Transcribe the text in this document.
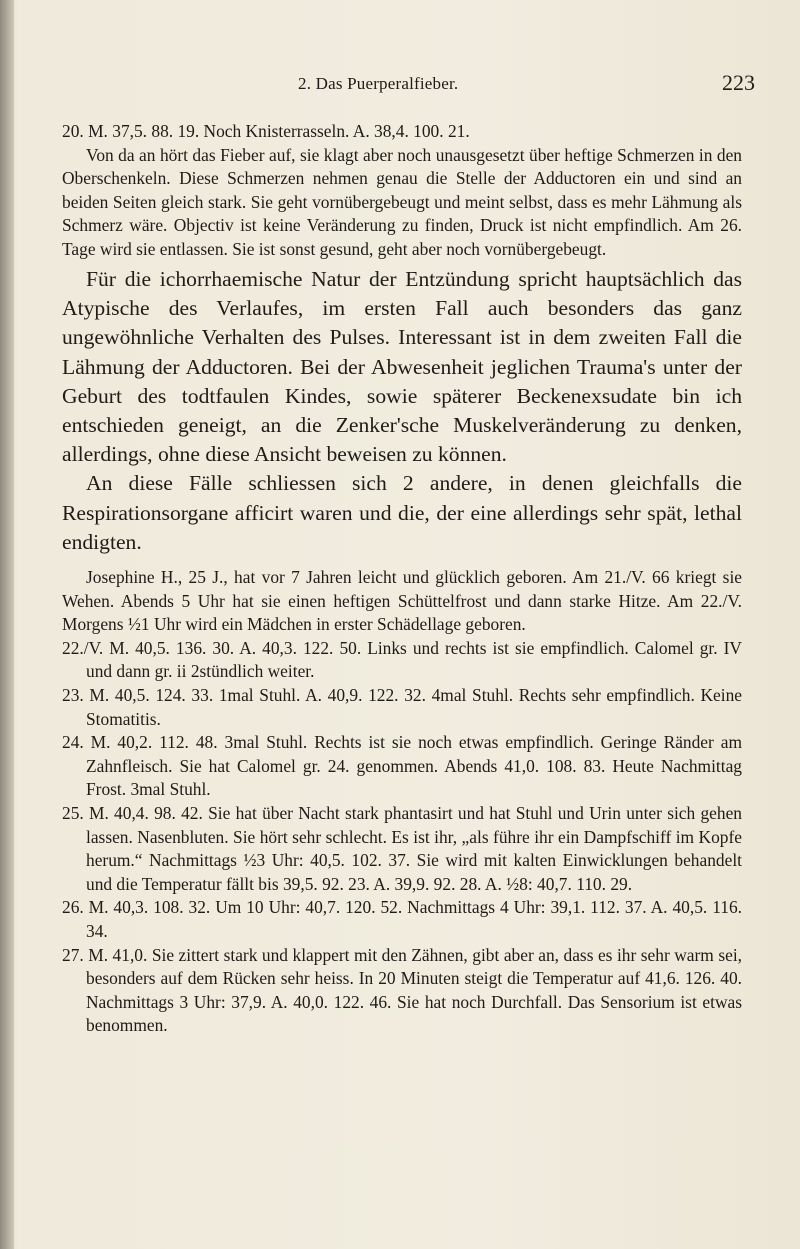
2. Das Puerperalfieber.	223

20. M. 37,5. 88. 19. Noch Knisterrasseln. A. 38,4. 100. 21.

Von da an hört das Fieber auf, sie klagt aber noch unausgesetzt über heftige Schmerzen in den Oberschenkeln. Diese Schmerzen nehmen genau die Stelle der Adductoren ein und sind an beiden Seiten gleich stark. Sie geht vornübergebeugt und meint selbst, dass es mehr Lähmung als Schmerz wäre. Objectiv ist keine Veränderung zu finden, Druck ist nicht empfindlich. Am 26. Tage wird sie entlassen. Sie ist sonst gesund, geht aber noch vornübergebeugt.

Für die ichorrhaemische Natur der Entzündung spricht hauptsächlich das Atypische des Verlaufes, im ersten Fall auch besonders das ganz ungewöhnliche Verhalten des Pulses. Interessant ist in dem zweiten Fall die Lähmung der Adductoren. Bei der Abwesenheit jeglichen Trauma's unter der Geburt des todtfaulen Kindes, sowie späterer Beckenexsudate bin ich entschieden geneigt, an die Zenker'sche Muskelveränderung zu denken, allerdings, ohne diese Ansicht beweisen zu können.

An diese Fälle schliessen sich 2 andere, in denen gleichfalls die Respirationsorgane afficirt waren und die, der eine allerdings sehr spät, lethal endigten.

Josephine H., 25 J., hat vor 7 Jahren leicht und glücklich geboren. Am 21./V. 66 kriegt sie Wehen. Abends 5 Uhr hat sie einen heftigen Schüttelfrost und dann starke Hitze. Am 22./V. Morgens ½1 Uhr wird ein Mädchen in erster Schädellage geboren.

22./V. M. 40,5. 136. 30. A. 40,3. 122. 50. Links und rechts ist sie empfindlich. Calomel gr. IV und dann gr. ii 2stündlich weiter.

23. M. 40,5. 124. 33. 1mal Stuhl. A. 40,9. 122. 32. 4mal Stuhl. Rechts sehr empfindlich. Keine Stomatitis.

24. M. 40,2. 112. 48. 3mal Stuhl. Rechts ist sie noch etwas empfindlich. Geringe Ränder am Zahnfleisch. Sie hat Calomel gr. 24. genommen. Abends 41,0. 108. 83. Heute Nachmittag Frost. 3mal Stuhl.

25. M. 40,4. 98. 42. Sie hat über Nacht stark phantasirt und hat Stuhl und Urin unter sich gehen lassen. Nasenbluten. Sie hört sehr schlecht. Es ist ihr, „als führe ihr ein Dampfschiff im Kopfe herum.“ Nachmittags ½3 Uhr: 40,5. 102. 37. Sie wird mit kalten Einwicklungen behandelt und die Temperatur fällt bis 39,5. 92. 23. A. 39,9. 92. 28. A. ½8: 40,7. 110. 29.

26. M. 40,3. 108. 32. Um 10 Uhr: 40,7. 120. 52. Nachmittags 4 Uhr: 39,1. 112. 37. A. 40,5. 116. 34.

27. M. 41,0. Sie zittert stark und klappert mit den Zähnen, gibt aber an, dass es ihr sehr warm sei, besonders auf dem Rücken sehr heiss. In 20 Minuten steigt die Temperatur auf 41,6. 126. 40. Nachmittags 3 Uhr: 37,9. A. 40,0. 122. 46. Sie hat noch Durchfall. Das Sensorium ist etwas benommen.
